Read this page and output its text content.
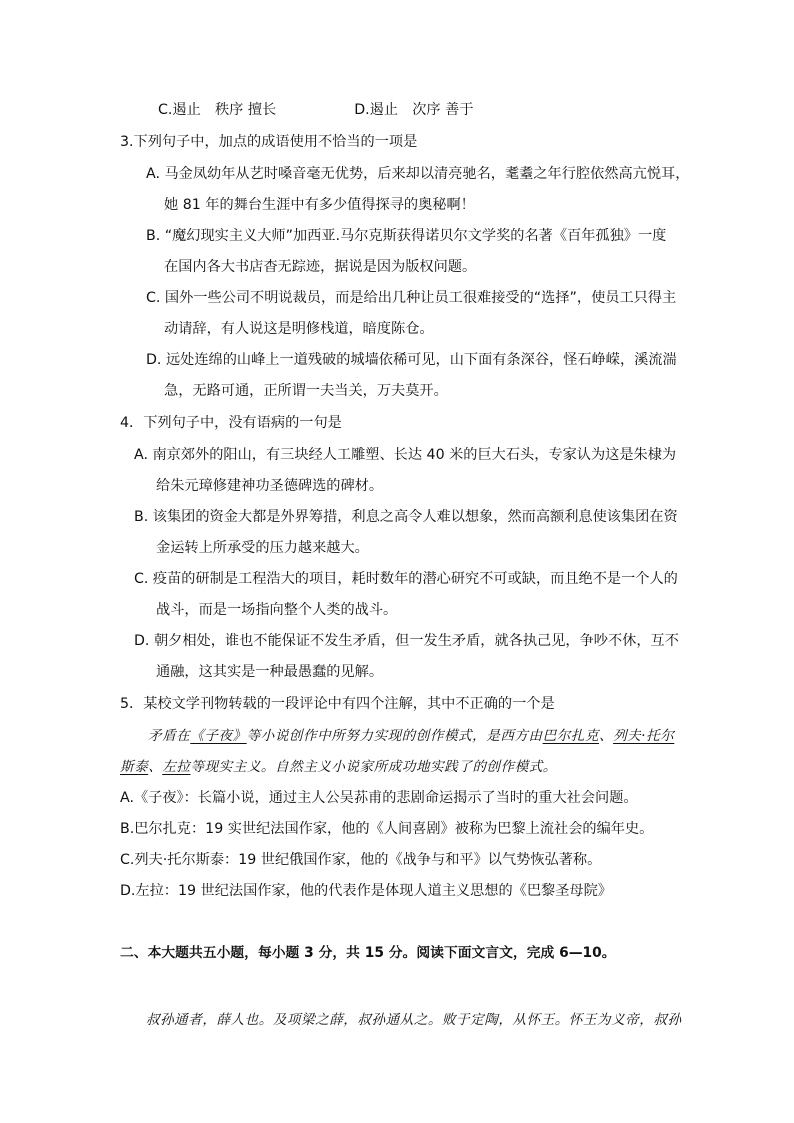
C.遏止　秩序 擅长	D.遏止　次序 善于
3.下列句子中，加点的成语使用不恰当的一项是
A. 马金凤幼年从艺时嗓音毫无优势，后来却以清亮驰名，耄耋之年行腔依然高亢悦耳，
她 81 年的舞台生涯中有多少值得探寻的奥秘啊！
B. “魔幻现实主义大师”加西亚.马尔克斯获得诺贝尔文学奖的名著《百年孤独》一度
在国内各大书店杳无踪迹，据说是因为版权问题。
C. 国外一些公司不明说裁员，而是给出几种让员工很难接受的“选择”，使员工只得主
动请辞，有人说这是明修栈道，暗度陈仓。
D. 远处连绵的山峰上一道残破的城墙依稀可见，山下面有条深谷，怪石峥嵘，溪流湍
急，无路可通，正所谓一夫当关，万夫莫开。
4．下列句子中，没有语病的一句是
A. 南京郊外的阳山，有三块经人工雕塑、长达 40 米的巨大石头，专家认为这是朱棣为
给朱元璋修建神功圣德碑选的碑材。
B. 该集团的资金大都是外界筹措，利息之高令人难以想象，然而高额利息使该集团在资
金运转上所承受的压力越来越大。
C. 疫苗的研制是工程浩大的项目，耗时数年的潜心研究不可或缺，而且绝不是一个人的
战斗，而是一场指向整个人类的战斗。
D. 朝夕相处，谁也不能保证不发生矛盾，但一发生矛盾，就各执己见，争吵不休，互不
通融，这其实是一种最愚蠢的见解。
5．某校文学刊物转载的一段评论中有四个注解，其中不正确的一个是
矛盾在《子夜》等小说创作中所努力实现的创作模式，是西方由巴尔扎克、列夫·托尔
斯泰、左拉等现实主义。自然主义小说家所成功地实践了的创作模式。
A.《子夜》：长篇小说，通过主人公吴荪甫的悲剧命运揭示了当时的重大社会问题。
B.巴尔扎克：19 实世纪法国作家，他的《人间喜剧》被称为巴黎上流社会的编年史。
C.列夫·托尔斯泰：19 世纪俄国作家，他的《战争与和平》以气势恢弘著称。
D.左拉：19 世纪法国作家，他的代表作是体现人道主义思想的《巴黎圣母院》
二、本大题共五小题，每小题 3 分，共 15 分。阅读下面文言文，完成 6—10。
叔孙通者，薛人也。及项梁之薛，叔孙通从之。败于定陶，从怀王。怀王为义帝，叔孙
